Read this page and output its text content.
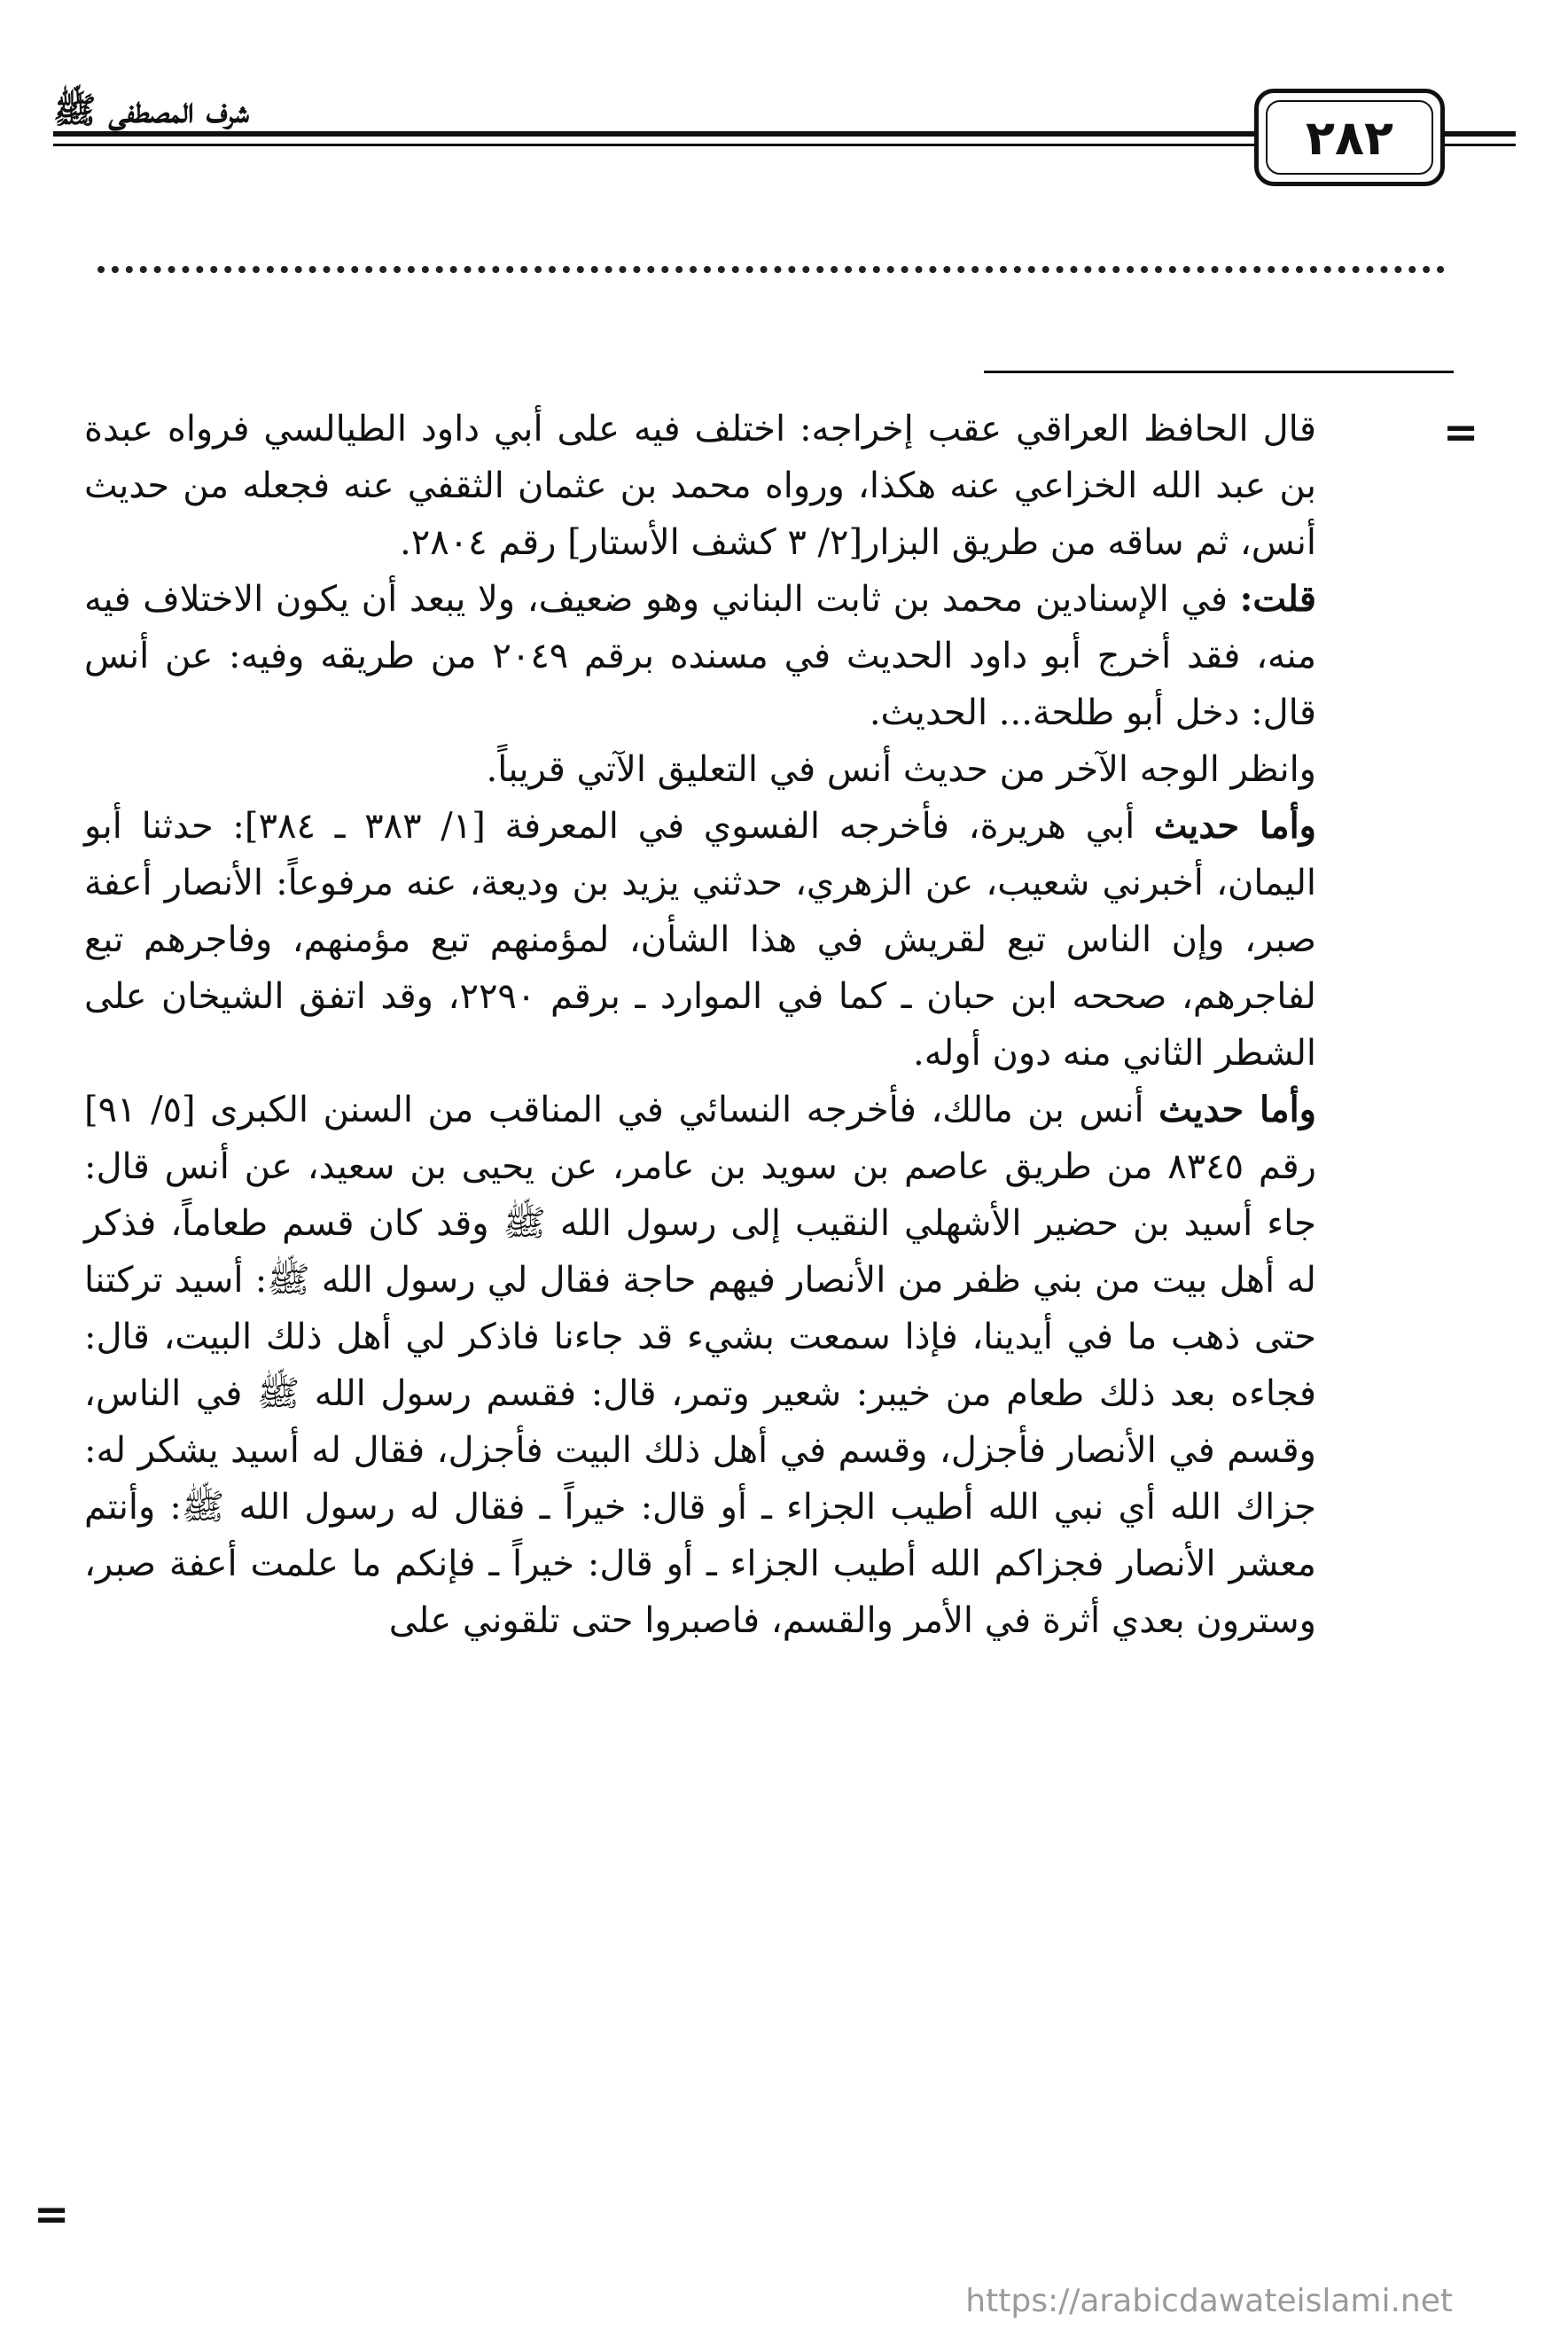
شرف المصطفى ﷺ	٢٨٢
=
=

قال الحافظ العراقي عقب إخراجه: اختلف فيه على أبي داود الطيالسي فرواه عبدة بن عبد الله الخزاعي عنه هكذا، ورواه محمد بن عثمان الثقفي عنه فجعله من حديث أنس، ثم ساقه من طريق البزار[٢/ ٣ كشف الأستار] رقم ٢٨٠٤.

قلت: في الإسنادين محمد بن ثابت البناني وهو ضعيف، ولا يبعد أن يكون الاختلاف فيه منه، فقد أخرج أبو داود الحديث في مسنده برقم ٢٠٤٩ من طريقه وفيه: عن أنس قال: دخل أبو طلحة... الحديث.

وانظر الوجه الآخر من حديث أنس في التعليق الآتي قريباً.

وأما حديث أبي هريرة، فأخرجه الفسوي في المعرفة [١/ ٣٨٣ ـ ٣٨٤]: حدثنا أبو اليمان، أخبرني شعيب، عن الزهري، حدثني يزيد بن وديعة، عنه مرفوعاً: الأنصار أعفة صبر، وإن الناس تبع لقريش في هذا الشأن، لمؤمنهم تبع مؤمنهم، وفاجرهم تبع لفاجرهم، صححه ابن حبان ـ كما في الموارد ـ برقم ٢٢٩٠، وقد اتفق الشيخان على الشطر الثاني منه دون أوله.

وأما حديث أنس بن مالك، فأخرجه النسائي في المناقب من السنن الكبرى [٥/ ٩١] رقم ٨٣٤٥ من طريق عاصم بن سويد بن عامر، عن يحيى بن سعيد، عن أنس قال: جاء أسيد بن حضير الأشهلي النقيب إلى رسول الله ﷺ وقد كان قسم طعاماً، فذكر له أهل بيت من بني ظفر من الأنصار فيهم حاجة فقال لي رسول الله ﷺ: أسيد تركتنا حتى ذهب ما في أيدينا، فإذا سمعت بشيء قد جاءنا فاذكر لي أهل ذلك البيت، قال: فجاءه بعد ذلك طعام من خيبر: شعير وتمر، قال: فقسم رسول الله ﷺ في الناس، وقسم في الأنصار فأجزل، وقسم في أهل ذلك البيت فأجزل، فقال له أسيد يشكر له: جزاك الله أي نبي الله أطيب الجزاء ـ أو قال: خيراً ـ فقال له رسول الله ﷺ: وأنتم معشر الأنصار فجزاكم الله أطيب الجزاء ـ أو قال: خيراً ـ فإنكم ما علمت أعفة صبر، وسترون بعدي أثرة في الأمر والقسم، فاصبروا حتى تلقوني على

https://arabicdawateislami.net
